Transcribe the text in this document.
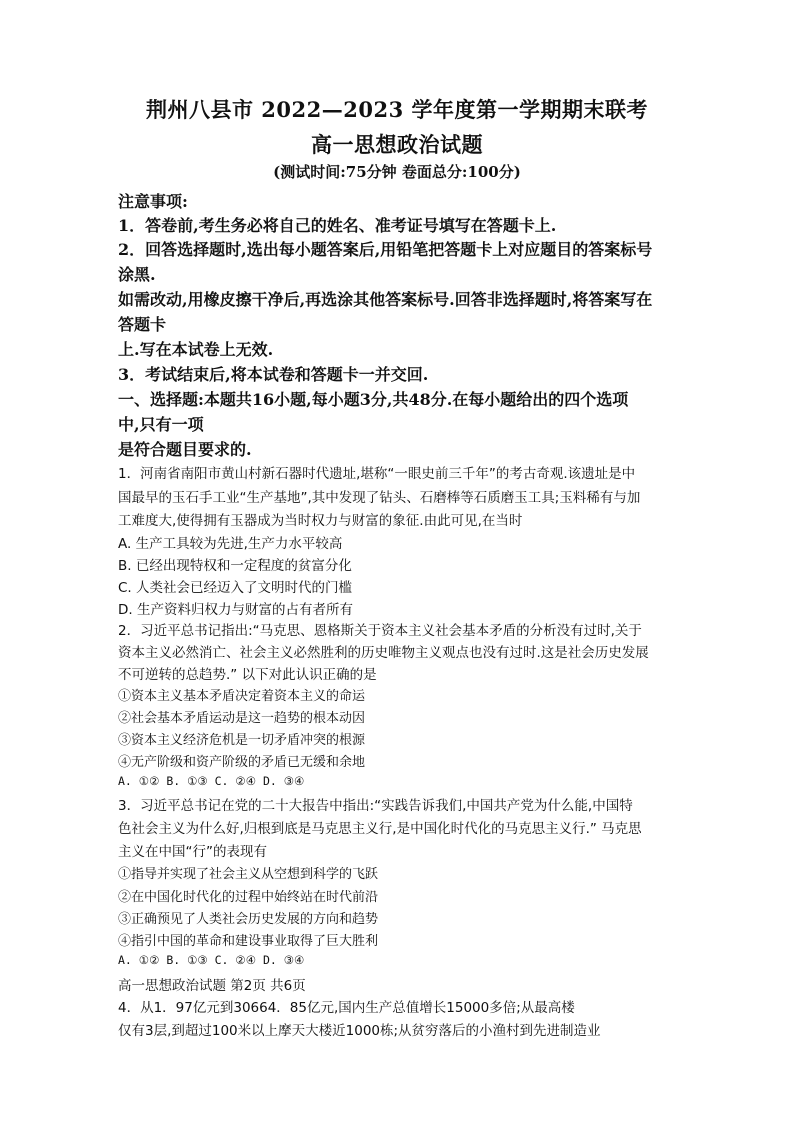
荆州八县市 2022—2023 学年度第一学期期末联考
高一思想政治试题
(测试时间:75分钟 卷面总分:100分)
注意事项:
1．答卷前,考生务必将自己的姓名、准考证号填写在答题卡上.
2．回答选择题时,选出每小题答案后,用铅笔把答题卡上对应题目的答案标号
涂黑.
如需改动,用橡皮擦干净后,再选涂其他答案标号.回答非选择题时,将答案写在
答题卡
上.写在本试卷上无效.
3．考试结束后,将本试卷和答题卡一并交回.
一、选择题:本题共16小题,每小题3分,共48分.在每小题给出的四个选项
中,只有一项
是符合题目要求的.
1．河南省南阳市黄山村新石器时代遗址,堪称“一眼史前三千年”的考古奇观.该遗址是中
国最早的玉石手工业“生产基地”,其中发现了钻头、石磨棒等石质磨玉工具;玉料稀有与加
工难度大,使得拥有玉器成为当时权力与财富的象征.由此可见,在当时
A. 生产工具较为先进,生产力水平较高
B. 已经出现特权和一定程度的贫富分化
C. 人类社会已经迈入了文明时代的门槛
D. 生产资料归权力与财富的占有者所有
2．习近平总书记指出:“马克思、恩格斯关于资本主义社会基本矛盾的分析没有过时,关于
资本主义必然消亡、社会主义必然胜利的历史唯物主义观点也没有过时.这是社会历史发展
不可逆转的总趋势.” 以下对此认识正确的是
①资本主义基本矛盾决定着资本主义的命运
②社会基本矛盾运动是这一趋势的根本动因
③资本主义经济危机是一切矛盾冲突的根源
④无产阶级和资产阶级的矛盾已无缓和余地
A. ①② B. ①③ C. ②④ D. ③④
3．习近平总书记在党的二十大报告中指出:“实践告诉我们,中国共产党为什么能,中国特
色社会主义为什么好,归根到底是马克思主义行,是中国化时代化的马克思主义行.” 马克思
主义在中国“行”的表现有
①指导并实现了社会主义从空想到科学的飞跃
②在中国化时代化的过程中始终站在时代前沿
③正确预见了人类社会历史发展的方向和趋势
④指引中国的革命和建设事业取得了巨大胜利
A. ①② B. ①③ C. ②④ D. ③④
高一思想政治试题 第2页 共6页
4．从1．97亿元到30664．85亿元,国内生产总值增长15000多倍;从最高楼
仅有3层,到超过100米以上摩天大楼近1000栋;从贫穷落后的小渔村到先进制造业
